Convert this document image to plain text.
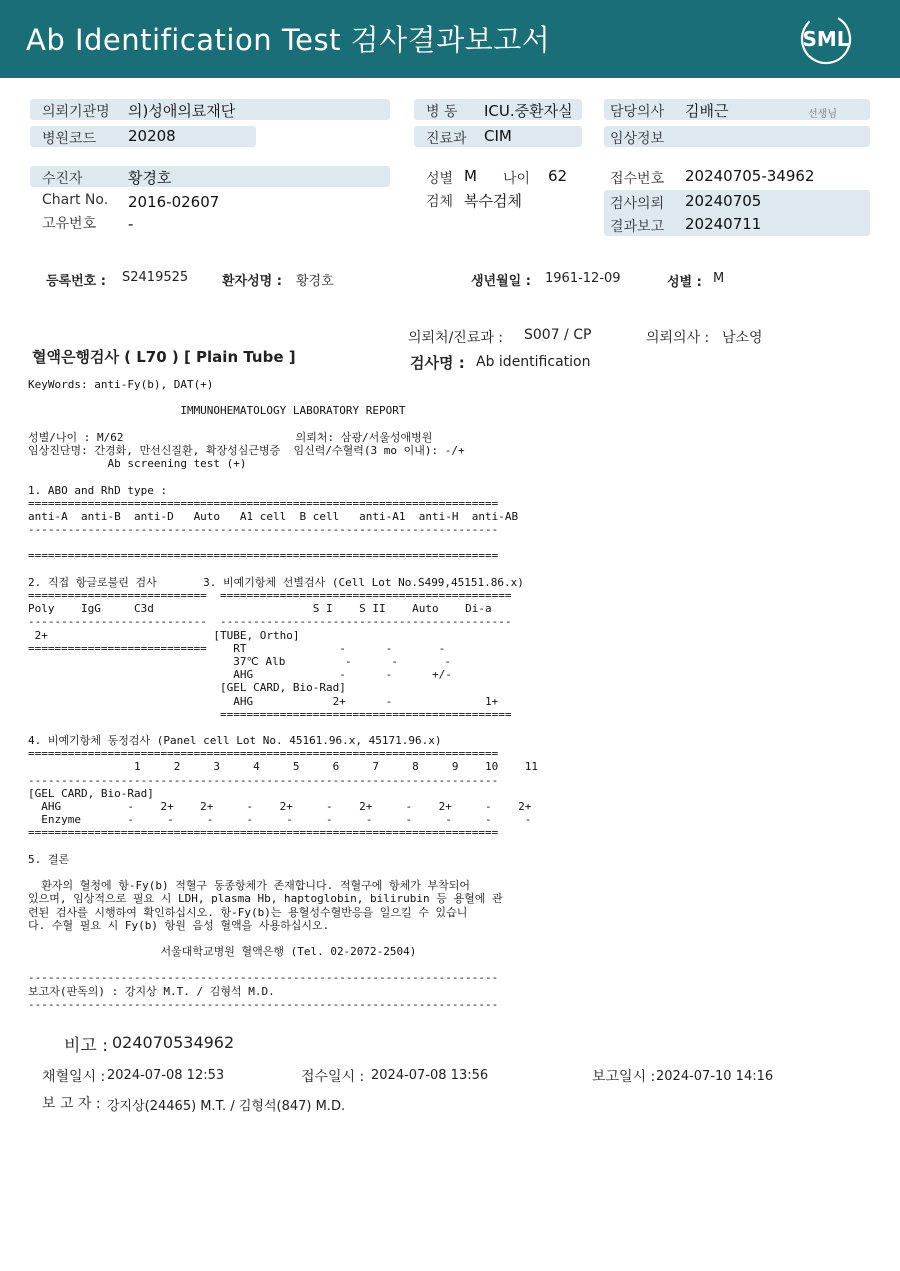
Ab Identification Test 검사결과보고서	SML
의뢰기관명 의)성애의료재단
병원코드 20208
병 동 ICU.중환자실
진료과 CIM
담당의사 김배근	선생님
임상정보
수진자	황경호
Chart No. 2016-02607
고유번호 -
성별 M 나이 62
검체 복수검체
접수번호 20240705-34962
검사의뢰 20240705
결과보고 20240711
등록번호 : S2419525	환자성명 : 황경호	생년월일 : 1961-12-09	성별 : M
의뢰처/진료과 : S007 / CP	의뢰의사 : 남소영
혈액은행검사 ( L70 ) [ Plain Tube ]	검사명 : Ab identification
KeyWords: anti-Fy(b), DAT(+)
IMMUNOHEMATOLOGY LABORATORY REPORT
성별/나이 : M/62                          의뢰처: 삼광/서울성애병원
임상진단명: 간경화, 만선신질환, 확장성심근병증  임신력/수혈력(3 mo 이내): -/+
Ab screening test (+)
1. ABO and RhD type :
=======================================================================
anti-A  anti-B  anti-D   Auto   A1 cell  B cell   anti-A1  anti-H  anti-AB
-----------------------------------------------------------------------
=======================================================================
2. 직접 항글로불린 검사       3. 비예기항체 선별검사 (Cell Lot No.S499,45151.86.x)
===========================  ============================================
Poly    IgG     C3d                        S I    S II    Auto    Di-a
---------------------------  --------------------------------------------
2+                         [TUBE, Ortho]
===========================    RT              -      -       -
37℃ Alb         -      -       -
AHG             -      -      +/-
[GEL CARD, Bio-Rad]
AHG            2+      -              1+
============================================
4. 비예기항체 동정검사 (Panel cell Lot No. 45161.96.x, 45171.96.x)
=======================================================================
1     2     3     4     5     6     7     8     9    10    11
-----------------------------------------------------------------------
[GEL CARD, Bio-Rad]
AHG          -    2+    2+     -    2+     -    2+     -    2+     -    2+
Enzyme       -     -     -     -     -     -     -     -     -     -     -
=======================================================================
5. 결론
환자의 혈청에 항-Fy(b) 적혈구 동종항체가 존재합니다. 적혈구에 항체가 부착되어
있으며, 임상적으로 필요 시 LDH, plasma Hb, haptoglobin, bilirubin 등 용혈에 관
련된 검사를 시행하여 확인하십시오. 항-Fy(b)는 용혈성수혈반응을 일으킬 수 있습니
다. 수혈 필요 시 Fy(b) 항원 음성 혈액을 사용하십시오.
서울대학교병원 혈액은행 (Tel. 02-2072-2504)
-----------------------------------------------------------------------
보고자(판독의) : 강지상 M.T. / 김형석 M.D.
-----------------------------------------------------------------------
비고 : 024070534962
채혈일시 : 2024-07-08 12:53	접수일시 : 2024-07-08 13:56	보고일시 : 2024-07-10 14:16
보 고 자 : 강지상(24465) M.T. / 김형석(847) M.D.
